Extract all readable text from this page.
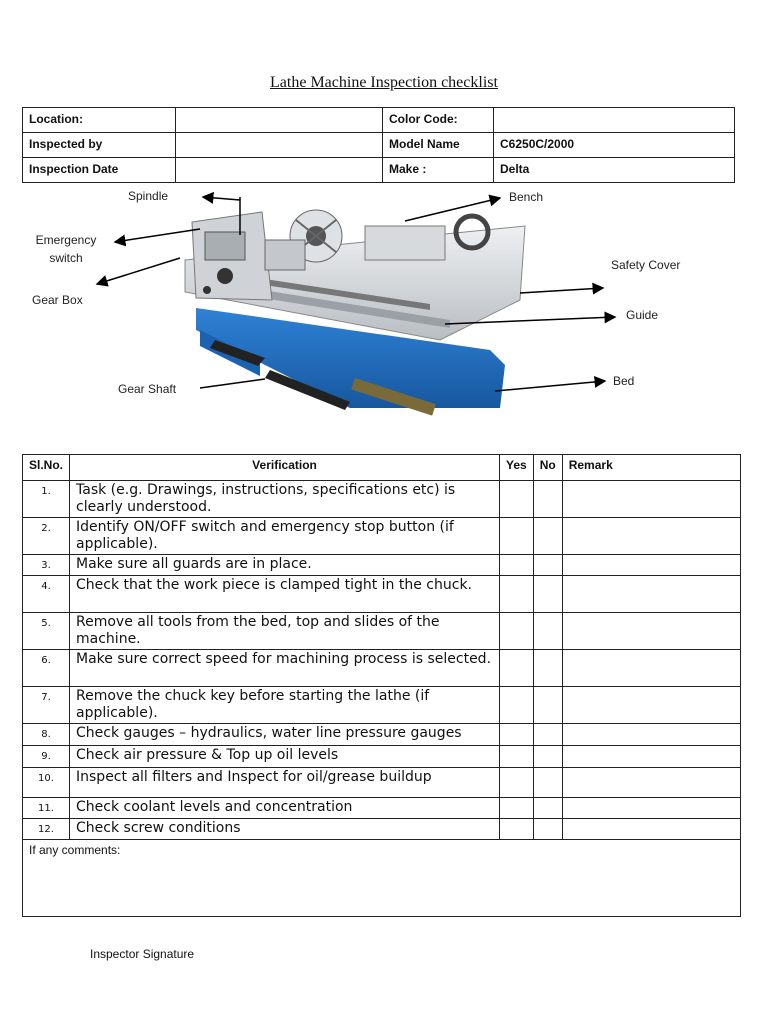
Lathe Machine Inspection checklist
Location:		Color Code:	
Inspected by		Model Name	C6250C/2000
Inspection Date		Make :	Delta
Spindle	Bench
Emergency
switch
Gear Box
Safety Cover
Guide
Bed
Gear Shaft
Sl.No.	Verification	Yes	No	Remark
1.	Task (e.g. Drawings, instructions, specifications etc) is clearly understood.			
2.	Identify ON/OFF switch and emergency stop button (if applicable).			
3.	Make sure all guards are in place.			
4.	Check that the work piece is clamped tight in the chuck.			
5.	Remove all tools from the bed, top and slides of the machine.			
6.	Make sure correct speed for machining process is selected.			
7.	Remove the chuck key before starting the lathe (if applicable).			
8.	Check gauges – hydraulics, water line pressure gauges			
9.	Check air pressure & Top up oil levels			
10.	Inspect all filters and Inspect for oil/grease buildup			
11.	Check coolant levels and concentration			
12.	Check screw conditions			
If any comments:				
Inspector Signature
